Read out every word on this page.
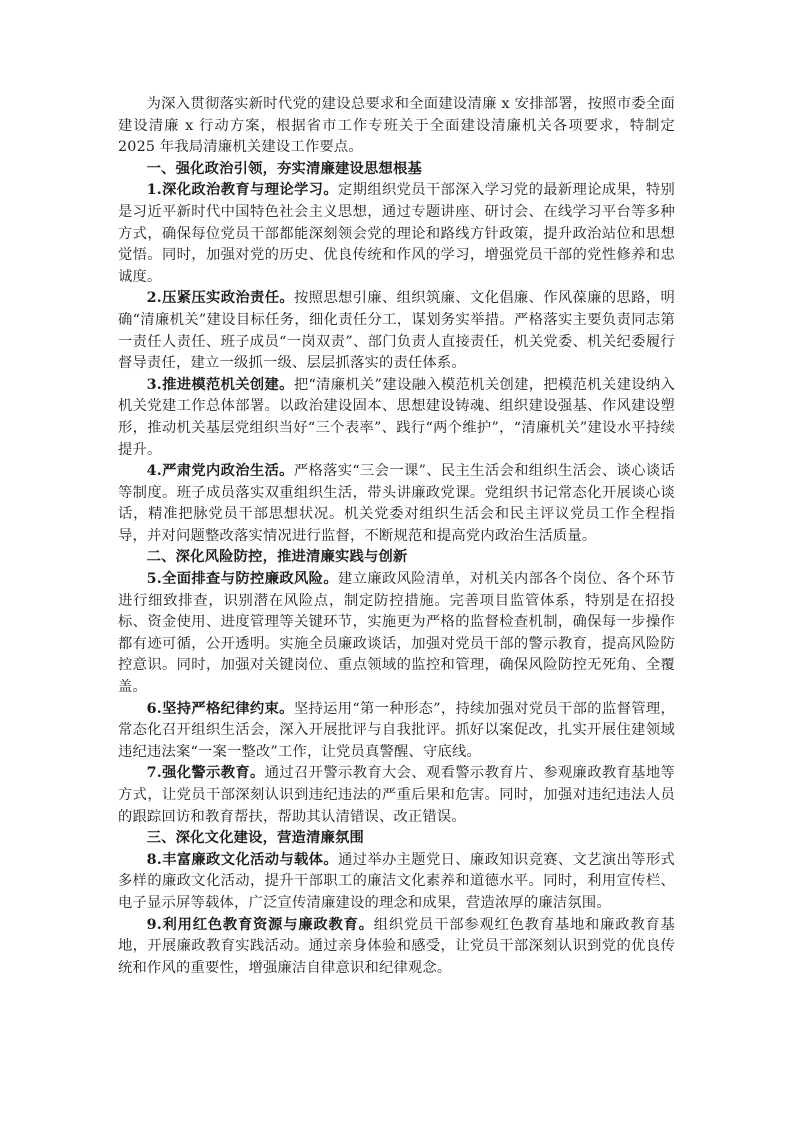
为深入贯彻落实新时代党的建设总要求和全面建设清廉 x 安排部署，按照市委全面建设清廉 x 行动方案，根据省市工作专班关于全面建设清廉机关各项要求，特制定 2025 年我局清廉机关建设工作要点。

一、强化政治引领，夯实清廉建设思想根基

1.深化政治教育与理论学习。定期组织党员干部深入学习党的最新理论成果，特别是习近平新时代中国特色社会主义思想，通过专题讲座、研讨会、在线学习平台等多种方式，确保每位党员干部都能深刻领会党的理论和路线方针政策，提升政治站位和思想觉悟。同时，加强对党的历史、优良传统和作风的学习，增强党员干部的党性修养和忠诚度。

2.压紧压实政治责任。按照思想引廉、组织筑廉、文化倡廉、作风葆廉的思路，明确“清廉机关”建设目标任务，细化责任分工，谋划务实举措。严格落实主要负责同志第一责任人责任、班子成员“一岗双责”、部门负责人直接责任，机关党委、机关纪委履行督导责任，建立一级抓一级、层层抓落实的责任体系。

3.推进模范机关创建。把“清廉机关”建设融入模范机关创建，把模范机关建设纳入机关党建工作总体部署。以政治建设固本、思想建设铸魂、组织建设强基、作风建设塑形，推动机关基层党组织当好“三个表率”、践行“两个维护”，“清廉机关”建设水平持续提升。

4.严肃党内政治生活。严格落实“三会一课”、民主生活会和组织生活会、谈心谈话等制度。班子成员落实双重组织生活，带头讲廉政党课。党组织书记常态化开展谈心谈话，精准把脉党员干部思想状况。机关党委对组织生活会和民主评议党员工作全程指导，并对问题整改落实情况进行监督，不断规范和提高党内政治生活质量。

二、深化风险防控，推进清廉实践与创新

5.全面排查与防控廉政风险。建立廉政风险清单，对机关内部各个岗位、各个环节进行细致排查，识别潜在风险点，制定防控措施。完善项目监管体系，特别是在招投标、资金使用、进度管理等关键环节，实施更为严格的监督检查机制，确保每一步操作都有迹可循，公开透明。实施全员廉政谈话，加强对党员干部的警示教育，提高风险防控意识。同时，加强对关键岗位、重点领域的监控和管理，确保风险防控无死角、全覆盖。

6.坚持严格纪律约束。坚持运用“第一种形态”，持续加强对党员干部的监督管理，常态化召开组织生活会，深入开展批评与自我批评。抓好以案促改，扎实开展住建领域违纪违法案“一案一整改”工作，让党员真警醒、守底线。

7.强化警示教育。通过召开警示教育大会、观看警示教育片、参观廉政教育基地等方式，让党员干部深刻认识到违纪违法的严重后果和危害。同时，加强对违纪违法人员的跟踪回访和教育帮扶，帮助其认清错误、改正错误。

三、深化文化建设，营造清廉氛围

8.丰富廉政文化活动与载体。通过举办主题党日、廉政知识竞赛、文艺演出等形式多样的廉政文化活动，提升干部职工的廉洁文化素养和道德水平。同时，利用宣传栏、电子显示屏等载体，广泛宣传清廉建设的理念和成果，营造浓厚的廉洁氛围。

9.利用红色教育资源与廉政教育。组织党员干部参观红色教育基地和廉政教育基地，开展廉政教育实践活动。通过亲身体验和感受，让党员干部深刻认识到党的优良传统和作风的重要性，增强廉洁自律意识和纪律观念。
